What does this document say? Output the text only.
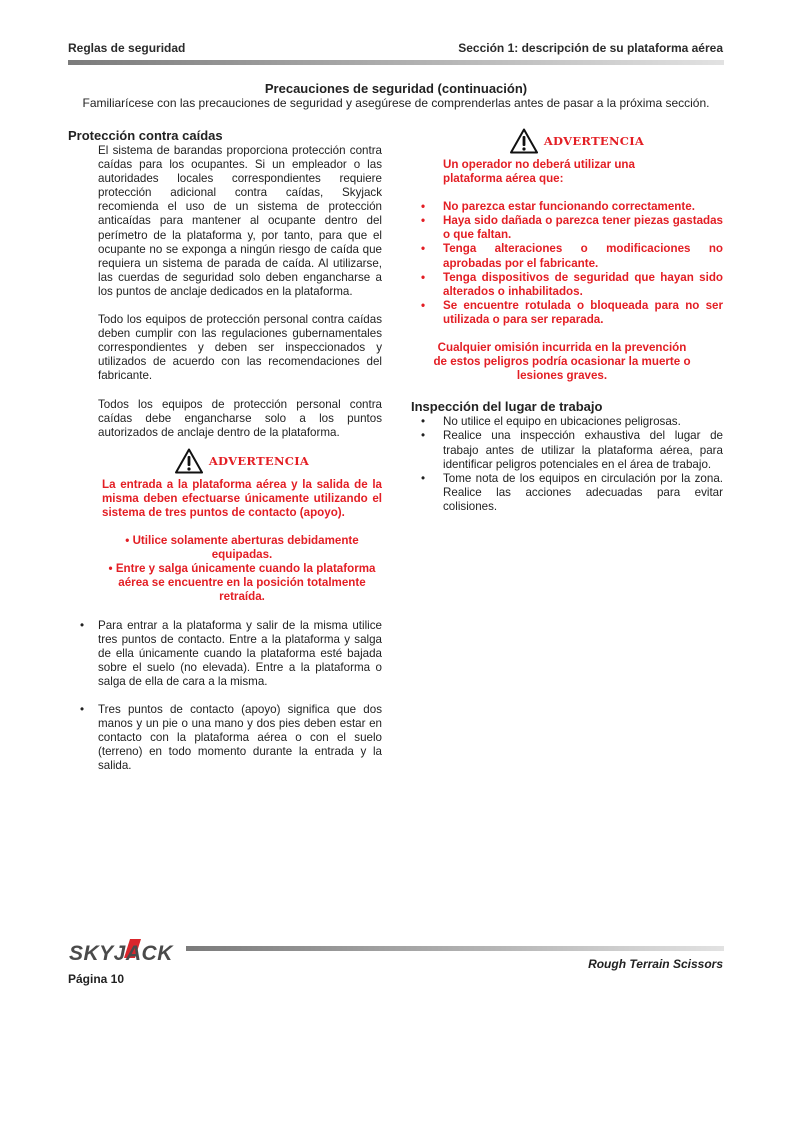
Reglas de seguridad	Sección 1: descripción de su plataforma aérea
Precauciones de seguridad (continuación)
Familiarícese con las precauciones de seguridad y asegúrese de comprenderlas antes de pasar a la próxima sección.
Protección contra caídas

El sistema de barandas proporciona protección contra caídas para los ocupantes. Si un empleador o las autoridades locales correspondientes requiere protección adicional contra caídas, Skyjack recomienda el uso de un sistema de protección anticaídas para mantener al ocupante dentro del perímetro de la plataforma y, por tanto, para que el ocupante no se exponga a ningún riesgo de caída que requiera un sistema de parada de caída. Al utilizarse, las cuerdas de seguridad solo deben engancharse a los puntos de anclaje dedicados en la plataforma.

Todo los equipos de protección personal contra caídas deben cumplir con las regulaciones gubernamentales correspondientes y deben ser inspeccionados y utilizados de acuerdo con las recomendaciones del fabricante.

Todos los equipos de protección personal contra caídas debe engancharse solo a los puntos autorizados de anclaje dentro de la plataforma.

ADVERTENCIA

La entrada a la plataforma aérea y la salida de la misma deben efectuarse únicamente utilizando el sistema de tres puntos de contacto (apoyo).

• Utilice solamente aberturas debidamente equipadas.
• Entre y salga únicamente cuando la plataforma aérea se encuentre en la posición totalmente retraída.
• Para entrar a la plataforma y salir de la misma utilice tres puntos de contacto. Entre a la plataforma y salga de ella únicamente cuando la plataforma esté bajada sobre el suelo (no elevada). Entre a la plataforma o salga de ella de cara a la misma.
• Tres puntos de contacto (apoyo) significa que dos manos y un pie o una mano y dos pies deben estar en contacto con la plataforma aérea o con el suelo (terreno) en todo momento durante la entrada y la salida.
ADVERTENCIA

Un operador no deberá utilizar una plataforma aérea que:

• No parezca estar funcionando correctamente.
• Haya sido dañada o parezca tener piezas gastadas o que faltan.
• Tenga alteraciones o modificaciones no aprobadas por el fabricante.
• Tenga dispositivos de seguridad que hayan sido alterados o inhabilitados.
• Se encuentre rotulada o bloqueada para no ser utilizada o para ser reparada.

Cualquier omisión incurrida en la prevención de estos peligros podría ocasionar la muerte o lesiones graves.

Inspección del lugar de trabajo
• No utilice el equipo en ubicaciones peligrosas.
• Realice una inspección exhaustiva del lugar de trabajo antes de utilizar la plataforma aérea, para identificar peligros potenciales en el área de trabajo.
• Tome nota de los equipos en circulación por la zona. Realice las acciones adecuadas para evitar colisiones.
SKYJACK	Rough Terrain Scissors
Página 10
